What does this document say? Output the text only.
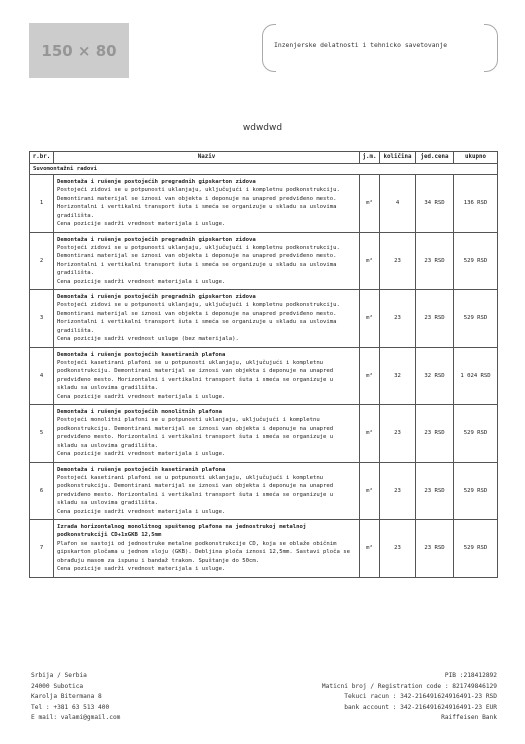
150 × 80	Inzenjerske delatnosti i tehnicko savetovanje
wdwdwd
r.br.	Naziv	j.m.	količina	jed.cena	ukupno
Suvomontažni radovi					
1	Demontaža i rušenje postojećih pregradnih gipskarton zidova
Postojeći zidovi se u potpunosti uklanjaju, uključujući i kompletnu podkonstrukciju. Demontirani materijal se iznosi van objekta i deponuje na unapred predviđeno mesto. Horizontalni i vertikalni transport šuta i smeća se organizuje u skladu sa uslovima gradilišta.
Cena pozicije sadrži vrednost materijala i usluge.	m²	4	34 RSD	136 RSD
2	Demontaža i rušenje postojećih pregradnih gipskarton zidova
Postojeći zidovi se u potpunosti uklanjaju, uključujući i kompletnu podkonstrukciju. Demontirani materijal se iznosi van objekta i deponuje na unapred predviđeno mesto. Horizontalni i vertikalni transport šuta i smeća se organizuje u skladu sa uslovima gradilišta.
Cena pozicije sadrži vrednost materijala i usluge.	m²	23	23 RSD	529 RSD
3	Demontaža i rušenje postojećih pregradnih gipskarton zidova
Postojeći zidovi se u potpunosti uklanjaju, uključujući i kompletnu podkonstrukciju. Demontirani materijal se iznosi van objekta i deponuje na unapred predviđeno mesto. Horizontalni i vertikalni transport šuta i smeća se organizuje u skladu sa uslovima gradilišta.
Cena pozicije sadrži vrednost usluge (bez materijala).	m²	23	23 RSD	529 RSD
4	Demontaža i rušenje postojećih kasetiranih plafona
Postojeći kasetirani plafoni se u potpunosti uklanjaju, uključujući i kompletnu podkonstrukciju. Demontirani materijal se iznosi van objekta i deponuje na unapred predviđeno mesto. Horizontalni i vertikalni transport šuta i smeća se organizuje u skladu sa uslovima gradilišta.
Cena pozicije sadrži vrednost materijala i usluge.	m²	32	32 RSD	1 024 RSD
5	Demontaža i rušenje postojećih monolitnih plafona
Postojeći monolitni plafoni se u potpunosti uklanjaju, uključujući i kompletnu podkonstrukciju. Demontirani materijal se iznosi van objekta i deponuje na unapred predviđeno mesto. Horizontalni i vertikalni transport šuta i smeća se organizuje u skladu sa uslovima gradilišta.
Cena pozicije sadrži vrednost materijala i usluge.	m²	23	23 RSD	529 RSD
6	Demontaža i rušenje postojećih kasetiranih plafona
Postojeći kasetirani plafoni se u potpunosti uklanjaju, uključujući i kompletnu podkonstrukciju. Demontirani materijal se iznosi van objekta i deponuje na unapred predviđeno mesto. Horizontalni i vertikalni transport šuta i smeća se organizuje u skladu sa uslovima gradilišta.
Cena pozicije sadrži vrednost materijala i usluge.	m²	23	23 RSD	529 RSD
7	Izrada horizontalnog monolitnog spuštenog plafona na jednostrukoj metalnoj podkonstrukciji CD+1xGKB 12,5mm
Plafon se sastoji od jednostruke metalne podkonstrukcije CD, koja se oblaže običnim gipskarton pločama u jednom sloju (GKB). Debljina ploča iznosi 12,5mm. Sastavi ploča se obrađuju masom za ispunu i bandaž trakom. Spuštanje do 50cm.
Cena pozicije sadrži vrednost materijala i usluge.	m²	23	23 RSD	529 RSD
Srbija / Serbia
24000 Subotica
Karolja Bitermana 8
Tel : +381 63 513 400
E mail: valami@gmail.com
PIB :218412892
Maticni broj / Registration code : 821749846129
Tekuci racun : 342-216491624916491-23 RSD
bank account : 342-216491624916491-23 EUR
Raiffeisen Bank
